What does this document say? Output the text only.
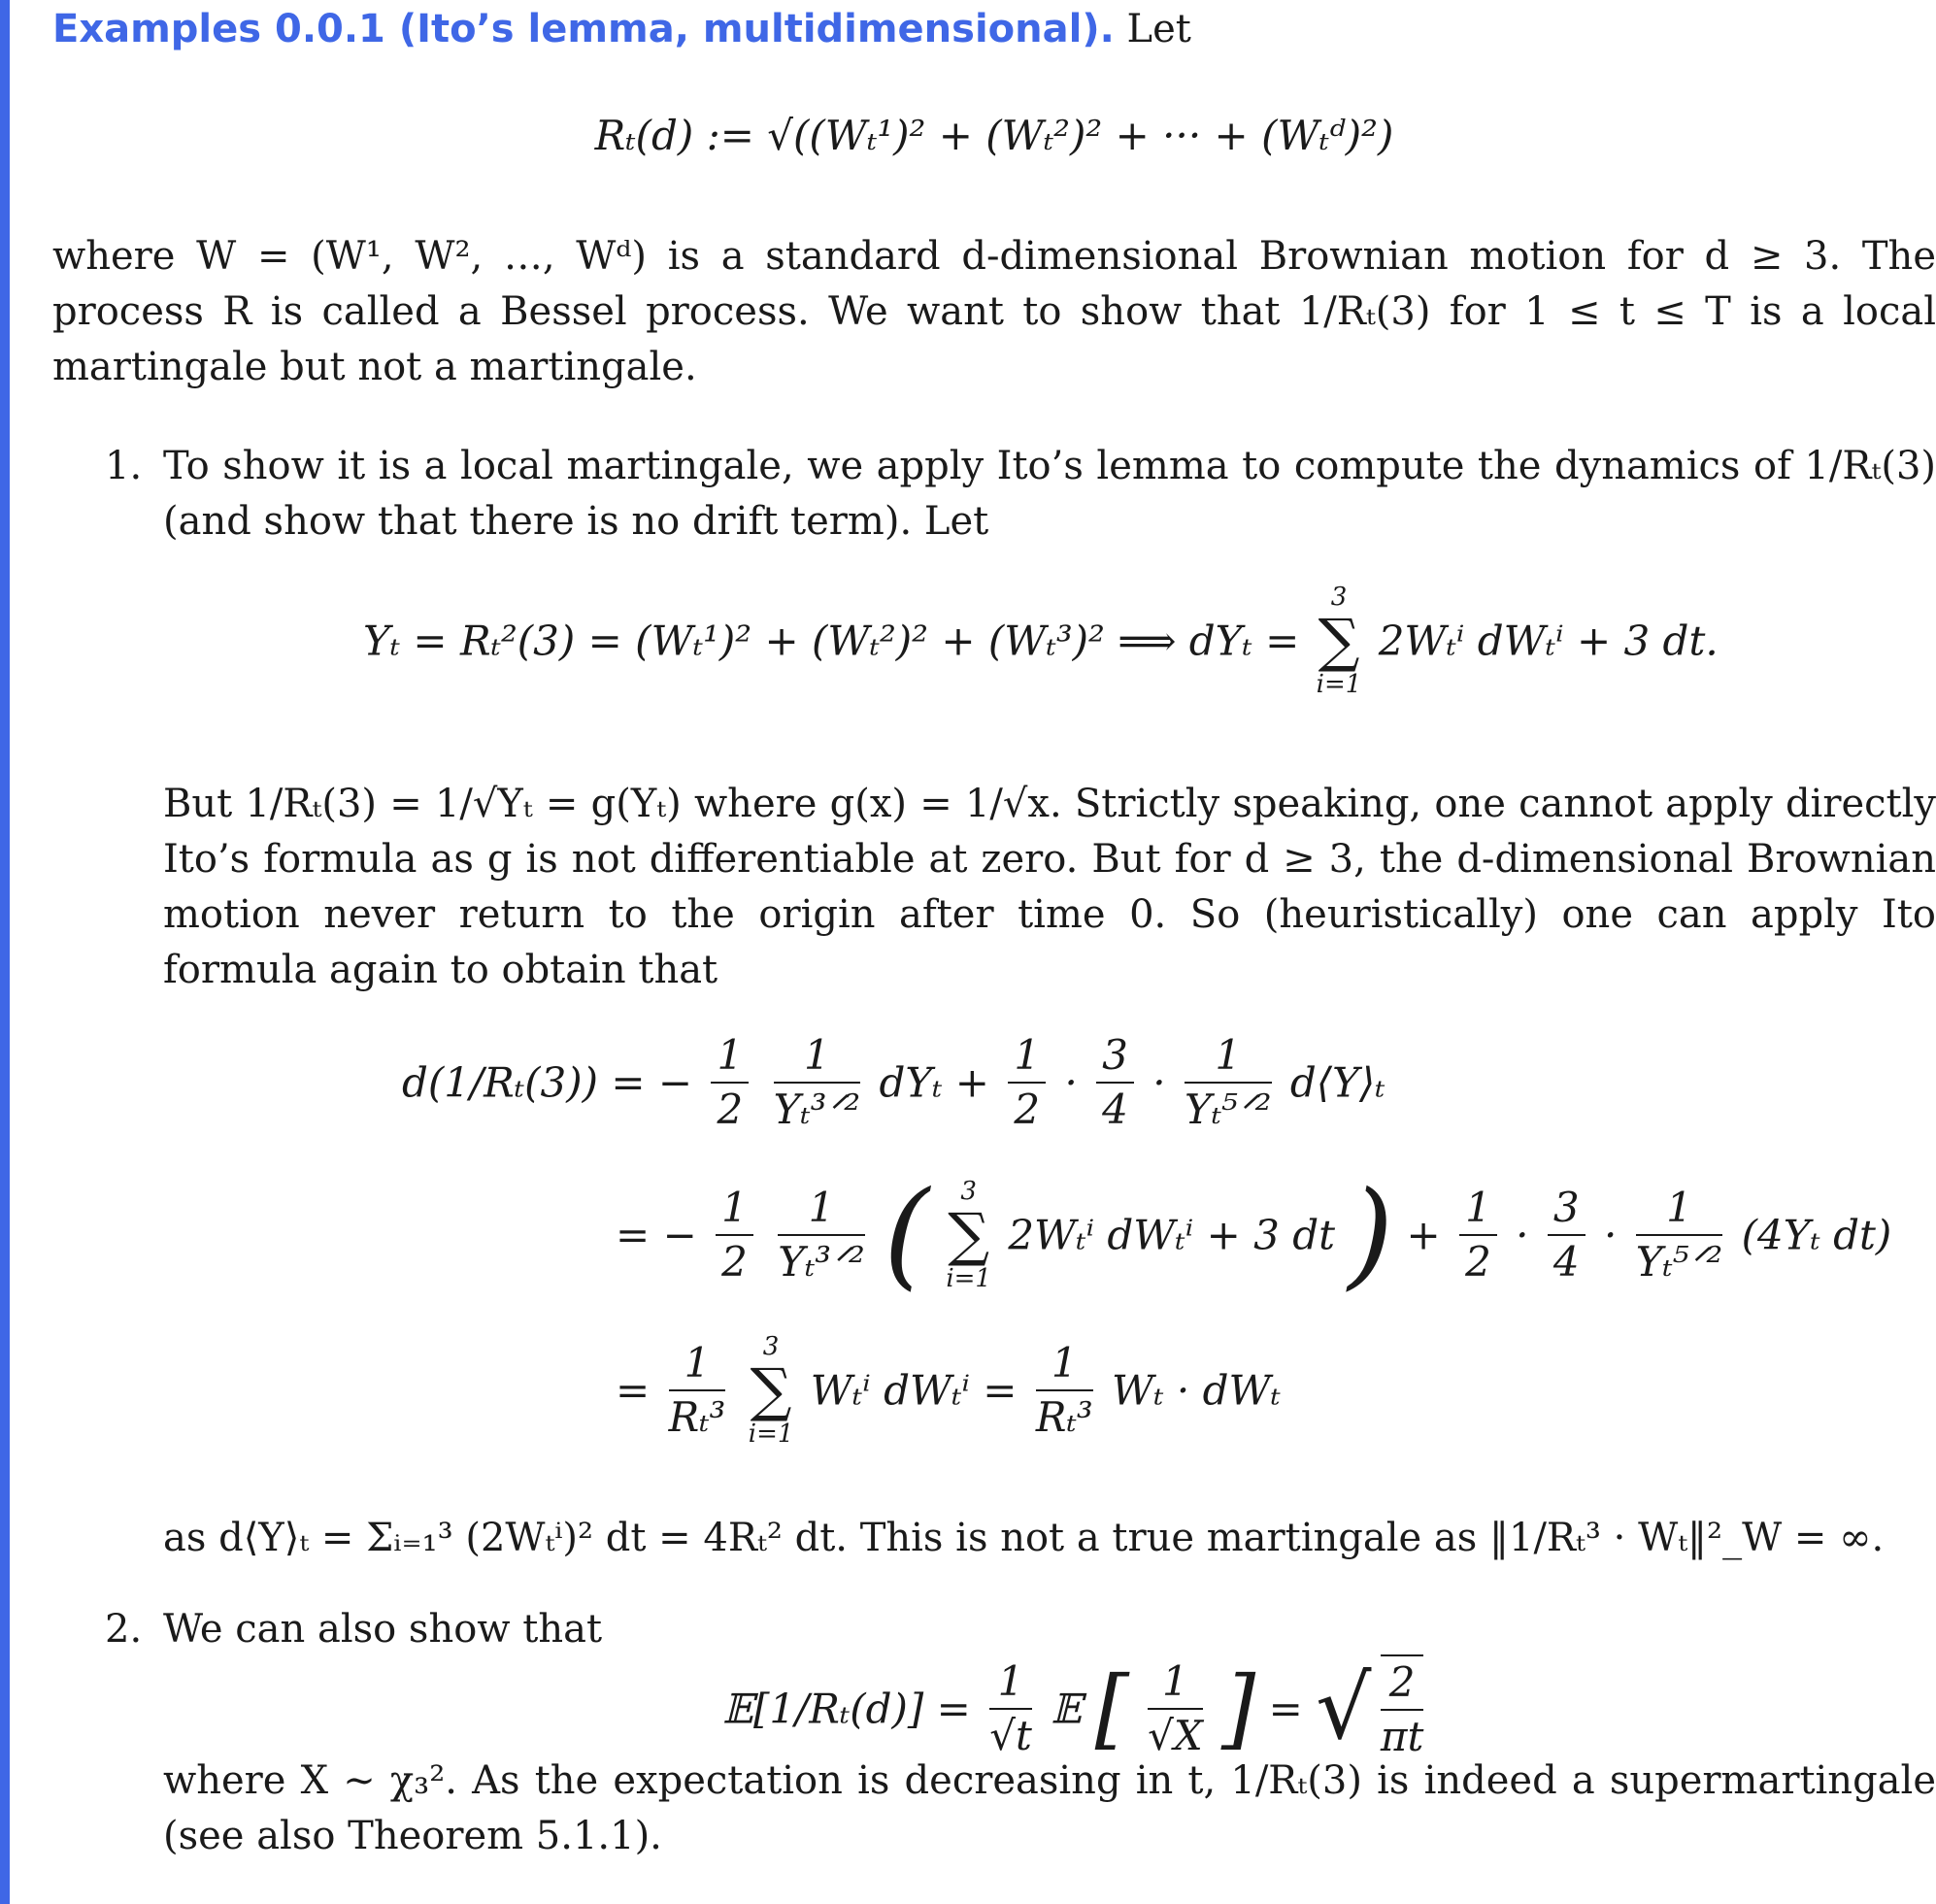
Examples 0.0.1 (Ito’s lemma, multidimensional). Let
Rₜ(d) := √((Wₜ¹)² + (Wₜ²)² + ··· + (Wₜᵈ)²)
where W = (W¹, W², …, Wᵈ) is a standard d-dimensional Brownian motion for d ≥ 3. The process R is called a Bessel process. We want to show that 1/Rₜ(3) for 1 ≤ t ≤ T is a local martingale but not a martingale.
1. To show it is a local martingale, we apply Ito’s lemma to compute the dynamics of 1/Rₜ(3) (and show that there is no drift term). Let
Yₜ = Rₜ²(3) = (Wₜ¹)² + (Wₜ²)² + (Wₜ³)² ⟹ dYₜ =
3
∑
i=1
2Wₜⁱ dWₜⁱ + 3 dt.
But 1/Rₜ(3) = 1/√Yₜ = g(Yₜ) where g(x) = 1/√x. Strictly speaking, one cannot apply directly Ito’s formula as g is not differentiable at zero. But for d ≥ 3, the d-dimensional Brownian motion never return to the origin after time 0. So (heuristically) one can apply Ito formula again to obtain that
d(1/Rₜ(3)) = − $\frac{1}{2}$
$\frac{1}{\text{Yₜ³ᐟ²}}$ $dY_t + \frac{1}{2} \cdot \frac{3}{4} \cdot \frac{1}{\text{Yₜ⁵ᐟ²}}$ d⟨Y⟩ₜ
= − $\frac{1}{2}$
$\frac{1}{\text{Yₜ³ᐟ²}}$ (	3
∑
i=1
2Wₜⁱ dWₜⁱ + 3 dt ) + $\frac{1}{2} \cdot \frac{3}{4} \cdot \frac{1}{\text{Yₜ⁵ᐟ²}} (4Y_t$ dt)
= $\frac{1}{\text{Rₜ³}}$
	3
∑
i=1
Wₜⁱ $dW_t^i = \frac{1}{\text{Rₜ³}}$ Wₜ · dWₜ
as d⟨Y⟩ₜ = Σᵢ₌₁³ (2Wₜⁱ)² dt = 4Rₜ² dt. This is not a true martingale as ‖1/Rₜ³ · Wₜ‖²_W = ∞.
2. We can also show that
𝔼[1/Rₜ(d)] = $\frac{1}{√t}$ 𝔼 [ $\frac{1}{√X}$ ] = √ $\frac{2}{\pi t}$
where X ∼ χ₃². As the expectation is decreasing in t, 1/Rₜ(3) is indeed a supermartingale (see also Theorem 5.1.1).
